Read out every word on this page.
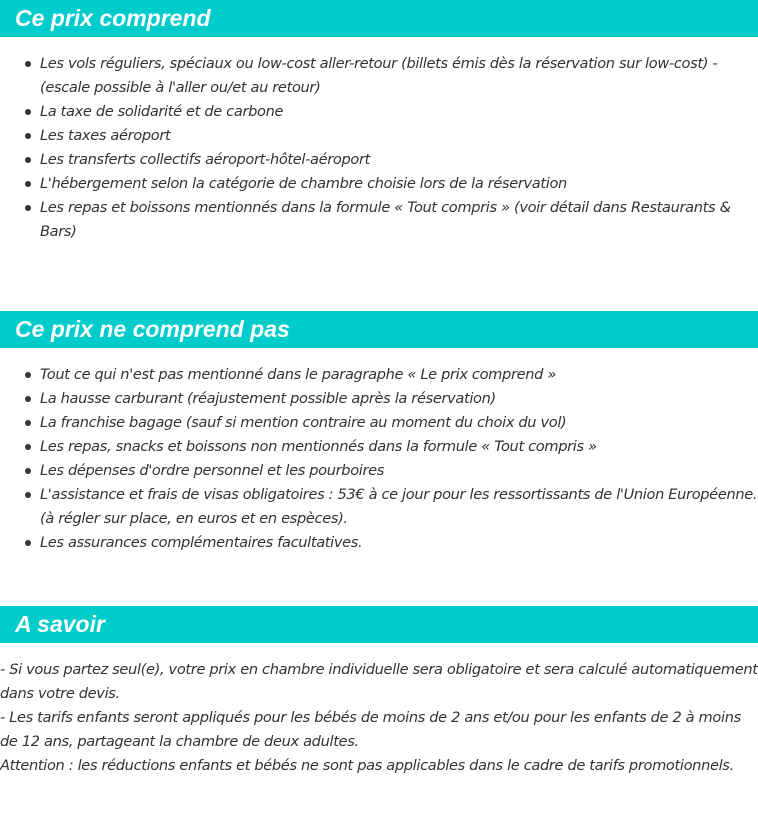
Ce prix comprend
Les vols réguliers, spéciaux ou low-cost aller-retour (billets émis dès la réservation sur low-cost) - (escale possible à l'aller ou/et au retour)
La taxe de solidarité et de carbone
Les taxes aéroport
Les transferts collectifs aéroport-hôtel-aéroport
L'hébergement selon la catégorie de chambre choisie lors de la réservation
Les repas et boissons mentionnés dans la formule « Tout compris » (voir détail dans Restaurants & Bars)
Ce prix ne comprend pas
Tout ce qui n'est pas mentionné dans le paragraphe « Le prix comprend »
La hausse carburant (réajustement possible après la réservation)
La franchise bagage (sauf si mention contraire au moment du choix du vol)
Les repas, snacks et boissons non mentionnés dans la formule « Tout compris »
Les dépenses d'ordre personnel et les pourboires
L'assistance et frais de visas obligatoires : 53€ à ce jour pour les ressortissants de l'Union Européenne. (à régler sur place, en euros et en espèces).
Les assurances complémentaires facultatives.
A savoir
- Si vous partez seul(e), votre prix en chambre individuelle sera obligatoire et sera calculé automatiquement dans votre devis.
- Les tarifs enfants seront appliqués pour les bébés de moins de 2 ans et/ou pour les enfants de 2 à moins de 12 ans, partageant la chambre de deux adultes.
Attention : les réductions enfants et bébés ne sont pas applicables dans le cadre de tarifs promotionnels.
